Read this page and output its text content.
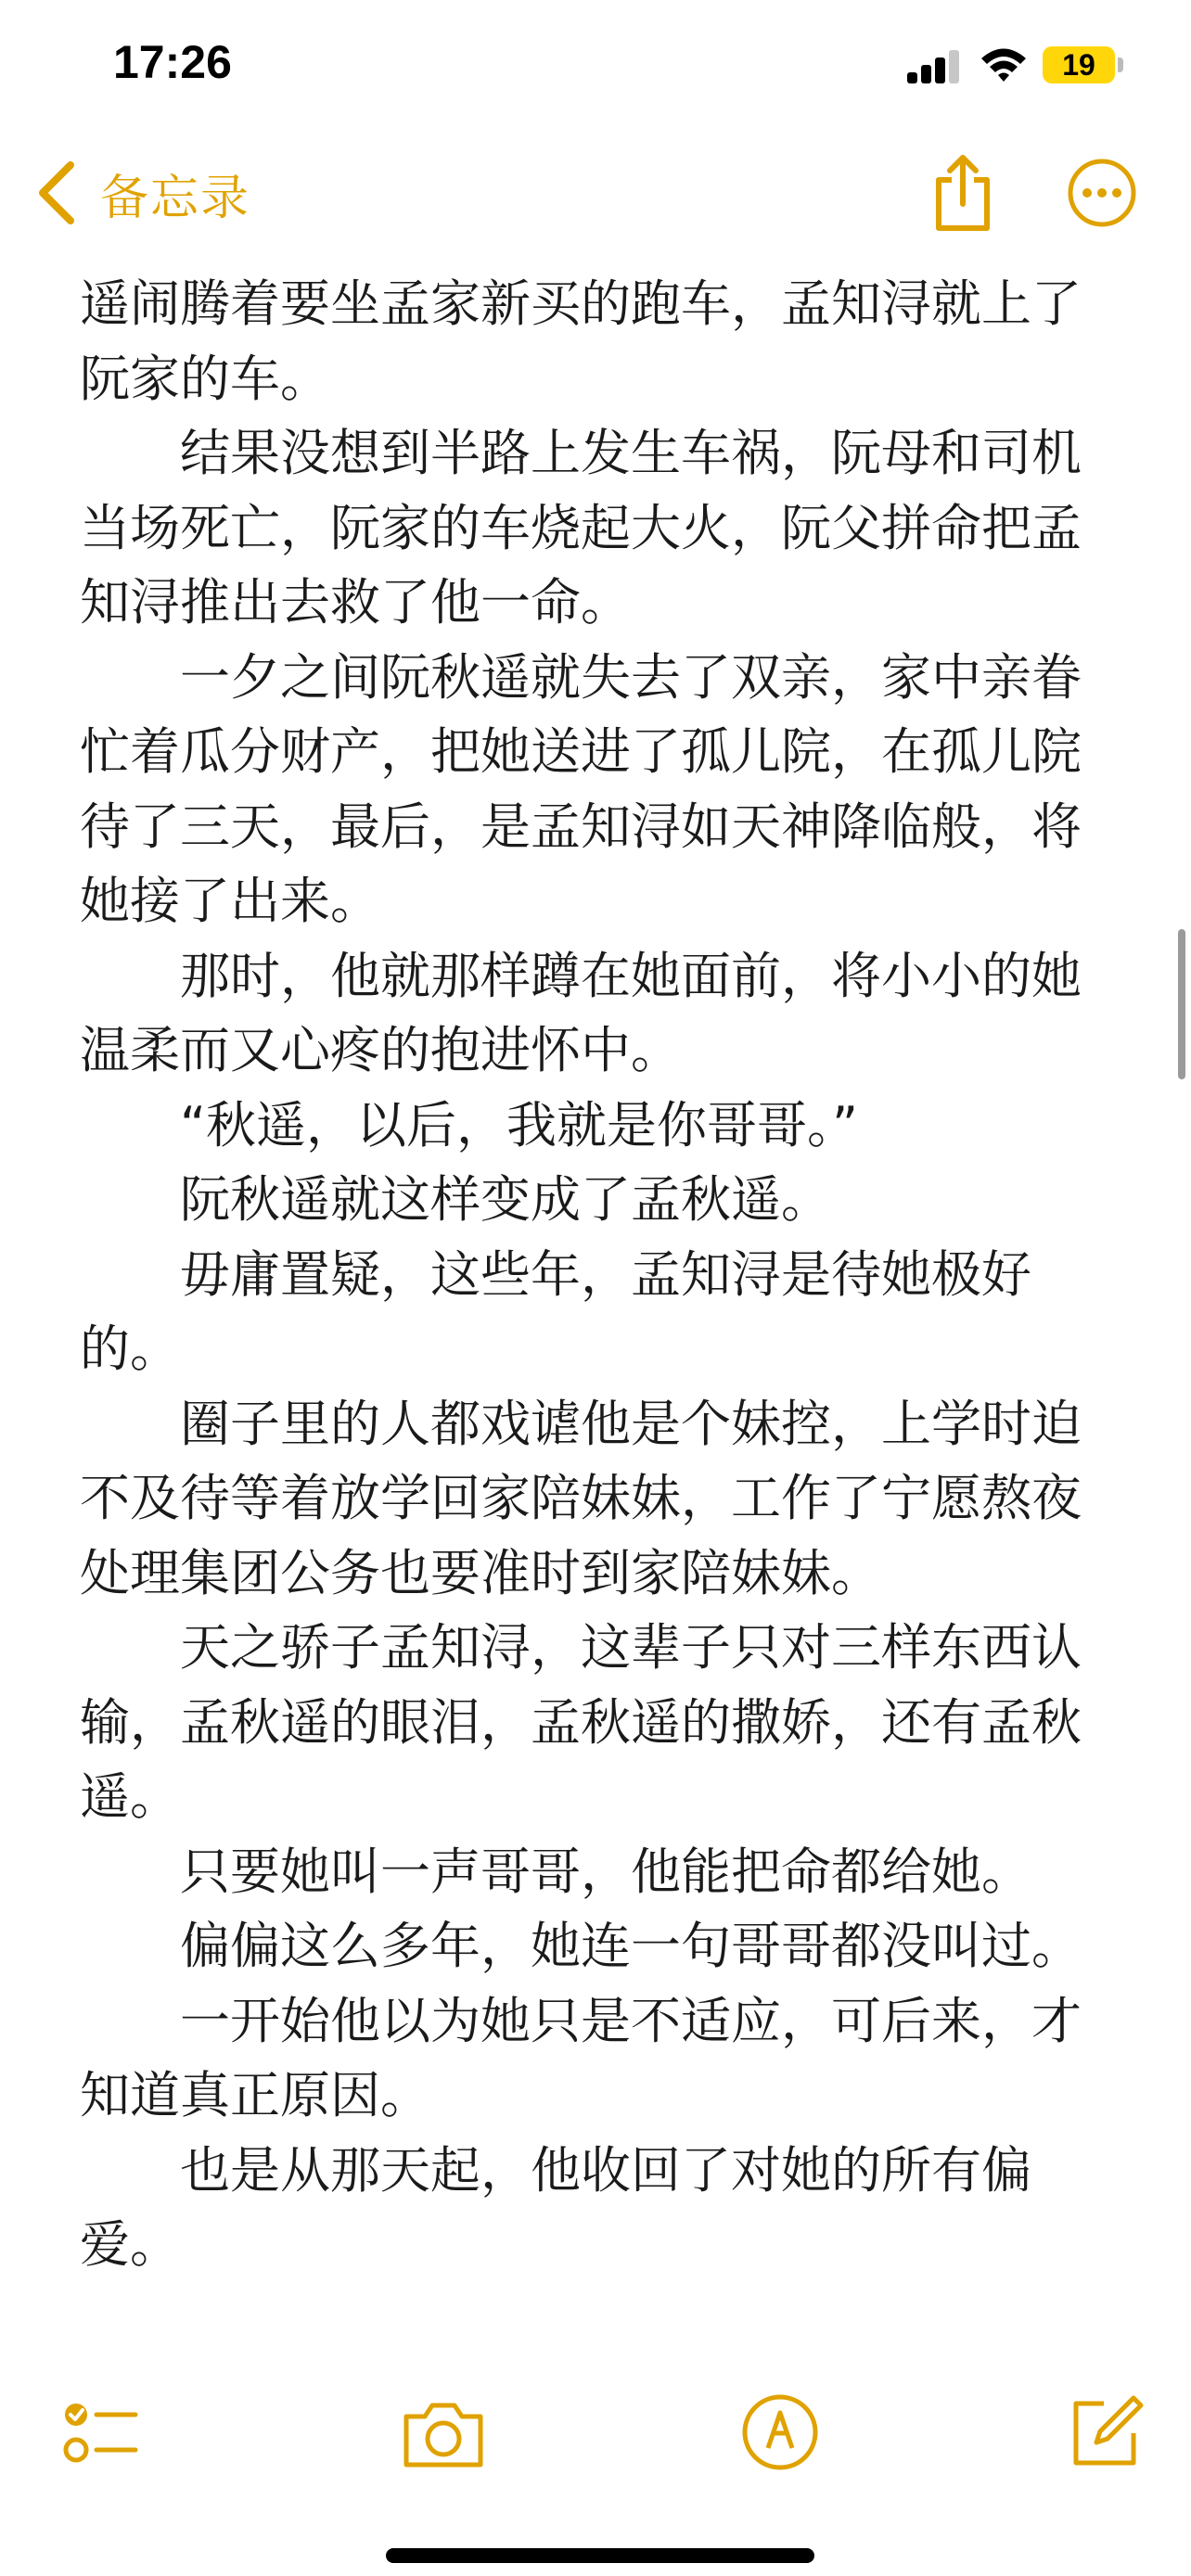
17:26	19
备忘录

遥闹腾着要坐孟家新买的跑车，孟知浔就上了阮家的车。

　　结果没想到半路上发生车祸，阮母和司机当场死亡，阮家的车烧起大火，阮父拼命把孟知浔推出去救了他一命。

　　一夕之间阮秋遥就失去了双亲，家中亲眷忙着瓜分财产，把她送进了孤儿院，在孤儿院待了三天，最后，是孟知浔如天神降临般，将她接了出来。

　　那时，他就那样蹲在她面前，将小小的她温柔而又心疼的抱进怀中。

　　“秋遥，以后，我就是你哥哥。”

　　阮秋遥就这样变成了孟秋遥。

　　毋庸置疑，这些年，孟知浔是待她极好的。

　　圈子里的人都戏谑他是个妹控，上学时迫不及待等着放学回家陪妹妹，工作了宁愿熬夜处理集团公务也要准时到家陪妹妹。

　　天之骄子孟知浔，这辈子只对三样东西认输，孟秋遥的眼泪，孟秋遥的撒娇，还有孟秋遥。

　　只要她叫一声哥哥，他能把命都给她。

　　偏偏这么多年，她连一句哥哥都没叫过。

　　一开始他以为她只是不适应，可后来，才知道真正原因。

　　也是从那天起，他收回了对她的所有偏爱。
